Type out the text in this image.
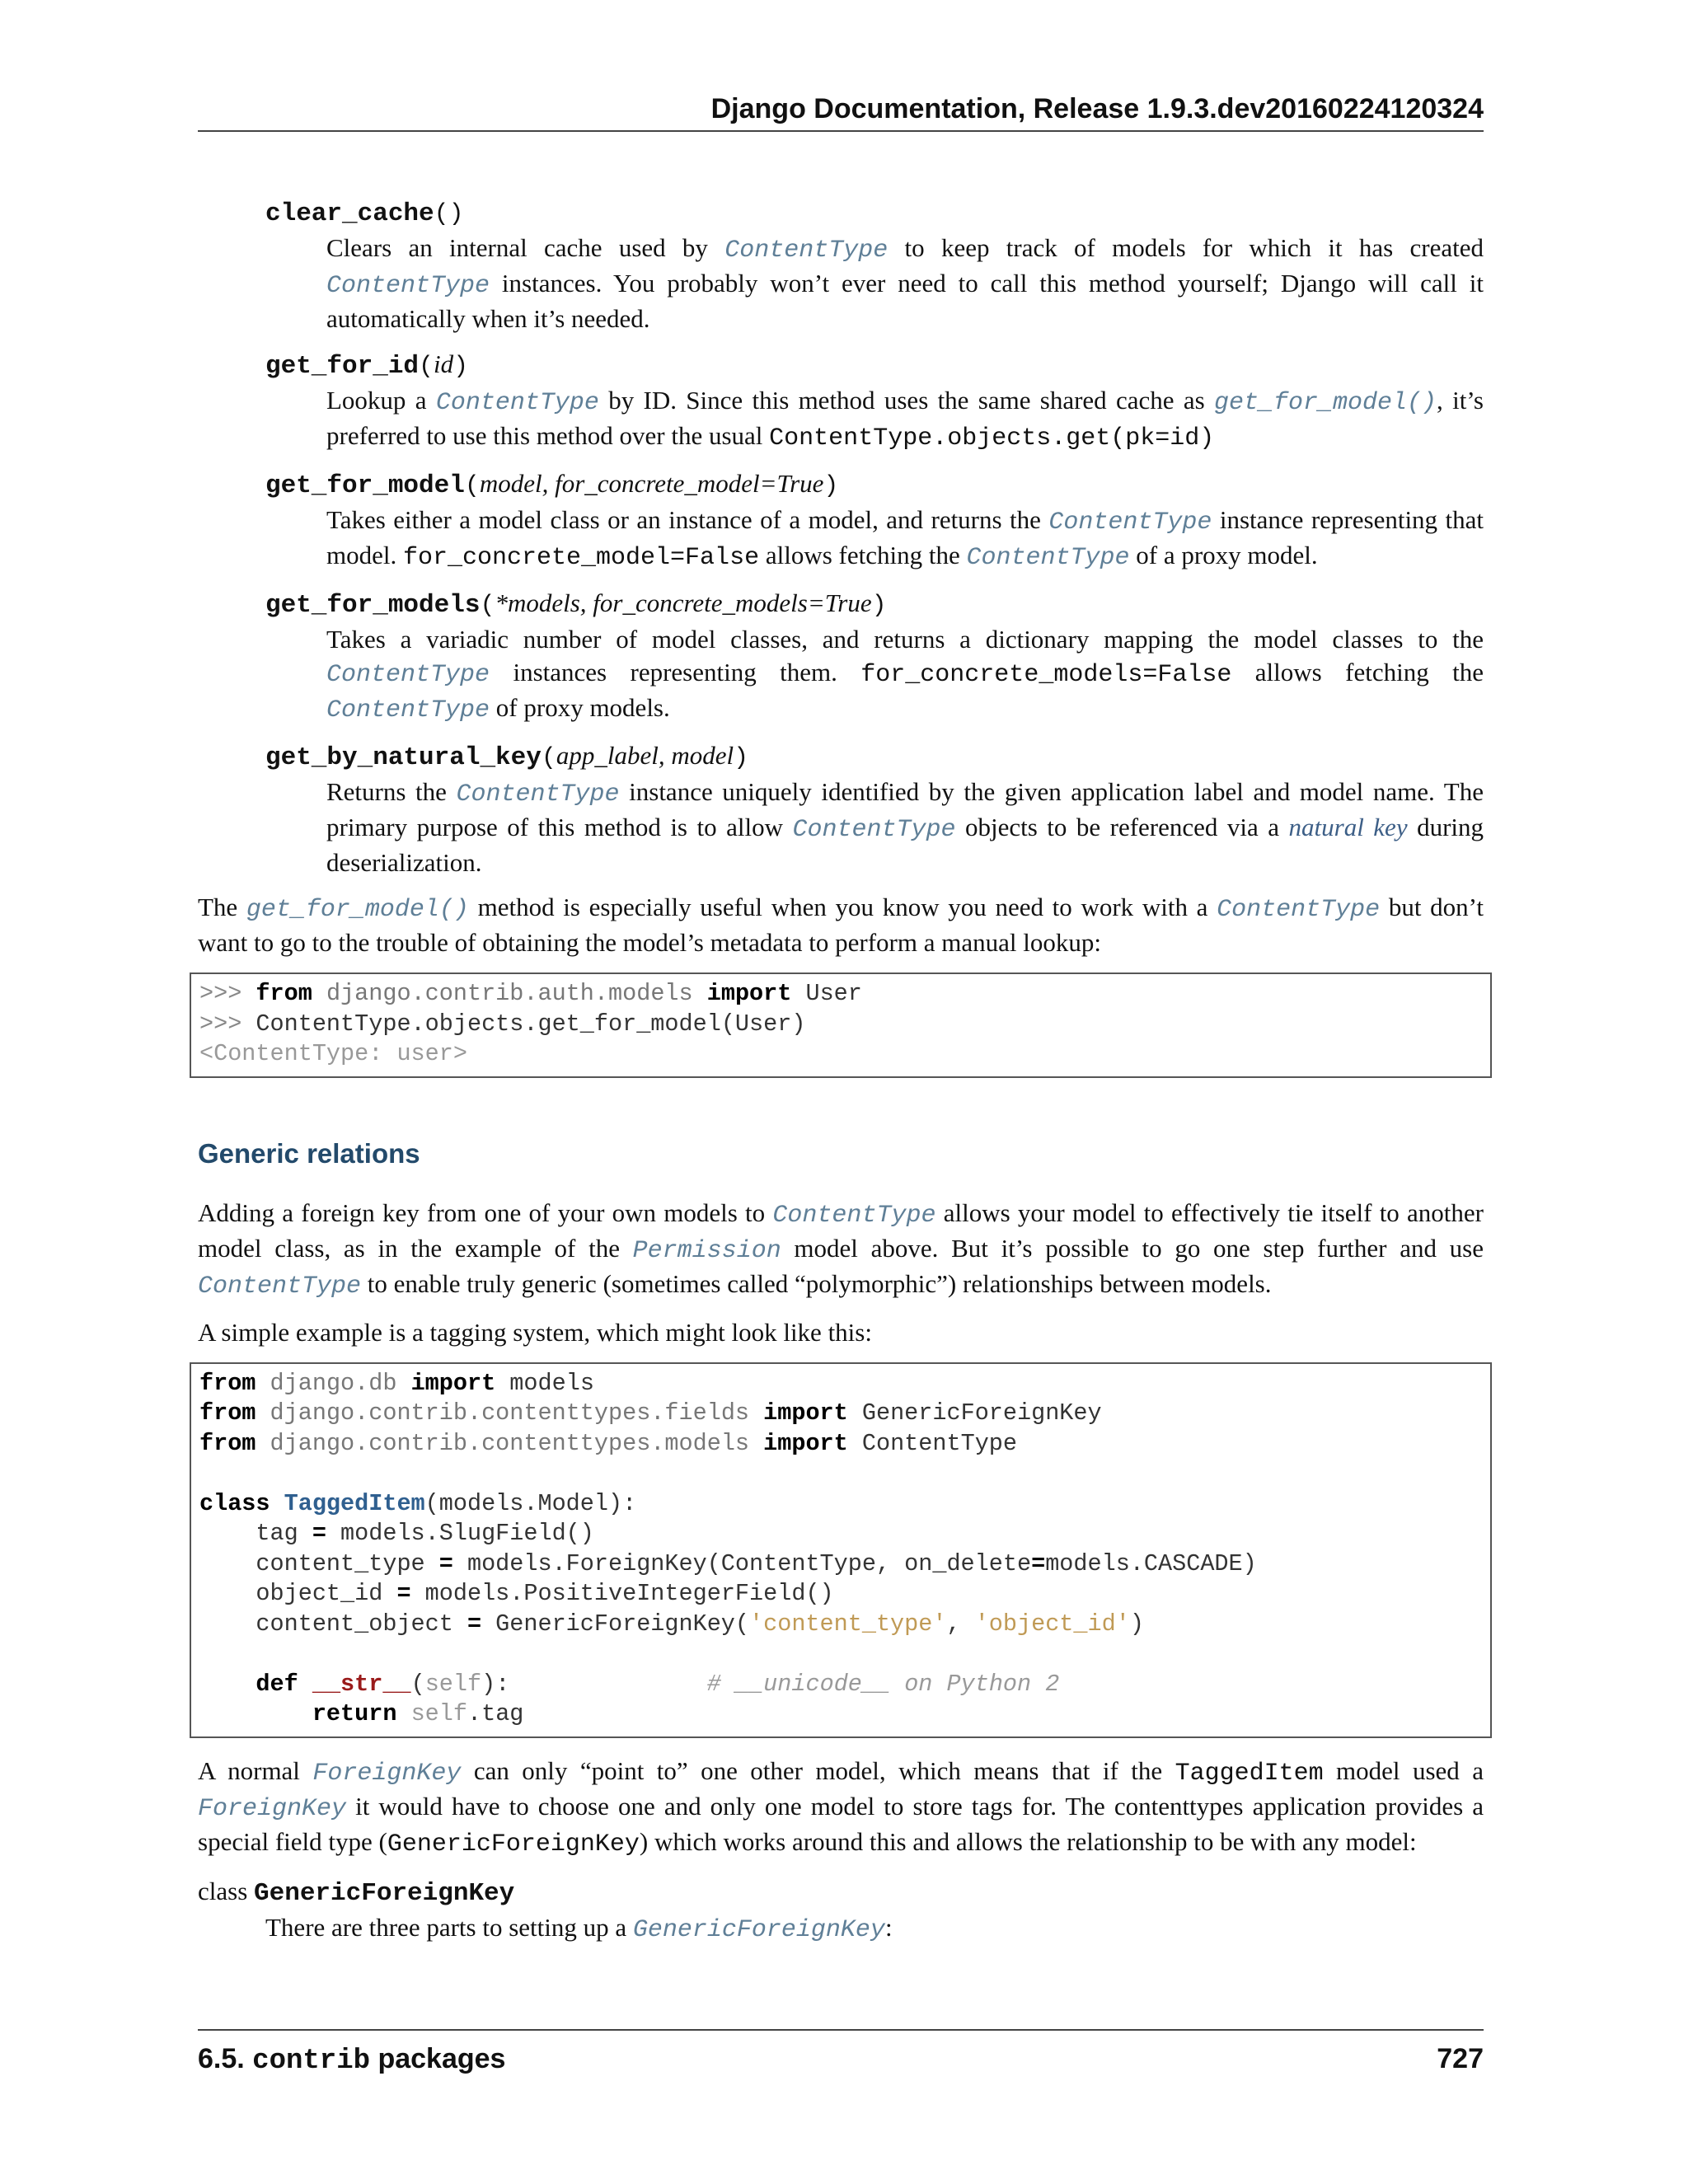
Django Documentation, Release 1.9.3.dev20160224120324
clear_cache()
Clears an internal cache used by ContentType to keep track of models for which it has created ContentType instances. You probably won’t ever need to call this method yourself; Django will call it automatically when it’s needed.
get_for_id(id)
Lookup a ContentType by ID. Since this method uses the same shared cache as get_for_model(), it’s preferred to use this method over the usual ContentType.objects.get(pk=id)
get_for_model(model, for_concrete_model=True)
Takes either a model class or an instance of a model, and returns the ContentType instance representing that model. for_concrete_model=False allows fetching the ContentType of a proxy model.
get_for_models(*models, for_concrete_models=True)
Takes a variadic number of model classes, and returns a dictionary mapping the model classes to the ContentType instances representing them. for_concrete_models=False allows fetching the ContentType of proxy models.
get_by_natural_key(app_label, model)
Returns the ContentType instance uniquely identified by the given application label and model name. The primary purpose of this method is to allow ContentType objects to be referenced via a natural key during deserialization.

The get_for_model() method is especially useful when you know you need to work with a ContentType but don’t want to go to the trouble of obtaining the model’s metadata to perform a manual lookup:

>>> from django.contrib.auth.models import User
>>> ContentType.objects.get_for_model(User)
<ContentType: user>
Generic relations

Adding a foreign key from one of your own models to ContentType allows your model to effectively tie itself to another model class, as in the example of the Permission model above. But it’s possible to go one step further and use ContentType to enable truly generic (sometimes called “polymorphic”) relationships between models.

A simple example is a tagging system, which might look like this:

from django.db import models
from django.contrib.contenttypes.fields import GenericForeignKey
from django.contrib.contenttypes.models import ContentType

class TaggedItem(models.Model):
tag = models.SlugField()
content_type = models.ForeignKey(ContentType, on_delete=models.CASCADE)
object_id = models.PositiveIntegerField()
content_object = GenericForeignKey('content_type', 'object_id')

def __str__(self):              # __unicode__ on Python 2
return self.tag

A normal ForeignKey can only “point to” one other model, which means that if the TaggedItem model used a ForeignKey it would have to choose one and only one model to store tags for. The contenttypes application provides a special field type (GenericForeignKey) which works around this and allows the relationship to be with any model:

class GenericForeignKey
There are three parts to setting up a GenericForeignKey:
6.5. contrib packages	727
